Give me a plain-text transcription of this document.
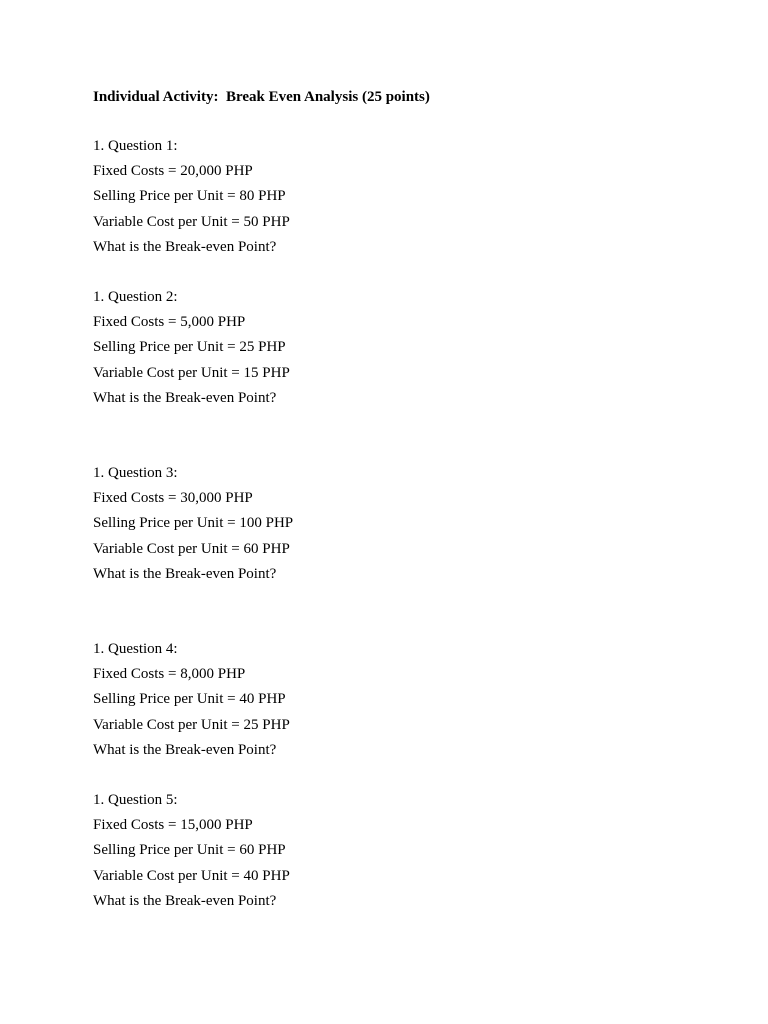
Individual Activity:  Break Even Analysis (25 points)

1. Question 1:

Fixed Costs = 20,000 PHP

Selling Price per Unit = 80 PHP

Variable Cost per Unit = 50 PHP

What is the Break-even Point?

1. Question 2:

Fixed Costs = 5,000 PHP

Selling Price per Unit = 25 PHP

Variable Cost per Unit = 15 PHP

What is the Break-even Point?

1. Question 3:

Fixed Costs = 30,000 PHP

Selling Price per Unit = 100 PHP

Variable Cost per Unit = 60 PHP

What is the Break-even Point?

1. Question 4:

Fixed Costs = 8,000 PHP

Selling Price per Unit = 40 PHP

Variable Cost per Unit = 25 PHP

What is the Break-even Point?

1. Question 5:

Fixed Costs = 15,000 PHP

Selling Price per Unit = 60 PHP

Variable Cost per Unit = 40 PHP

What is the Break-even Point?
